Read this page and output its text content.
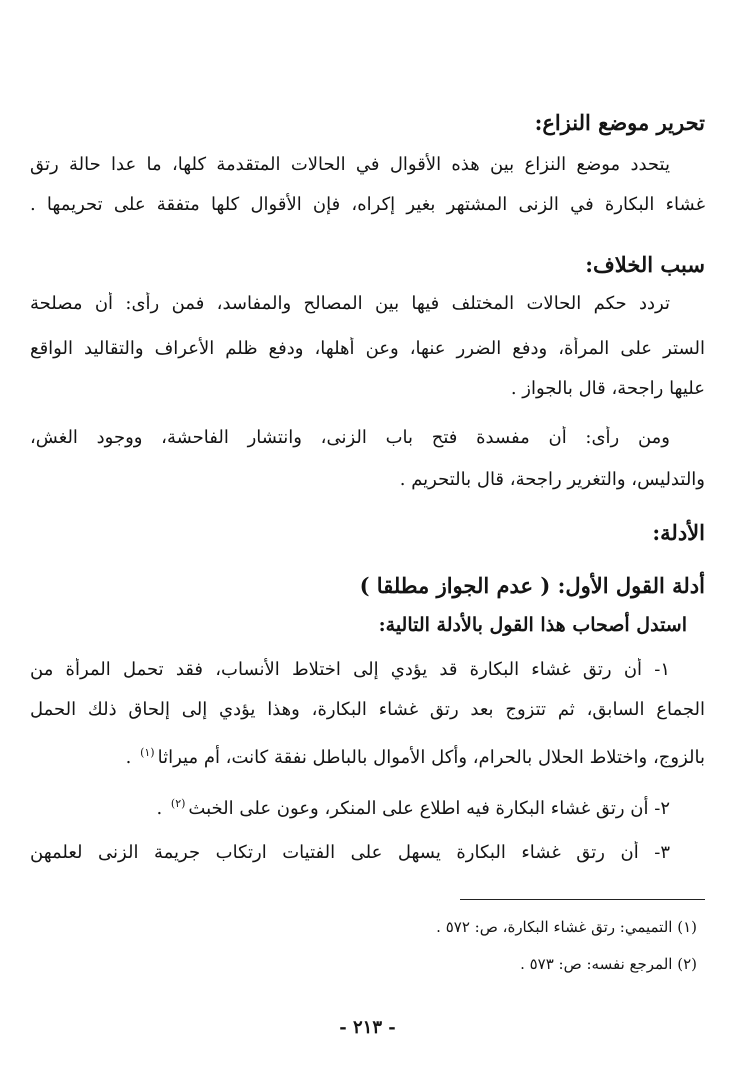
تحرير موضع النزاع:
يتحدد موضع النزاع بين هذه الأقوال في الحالات المتقدمة كلها، ما عدا حالة رتق
غشاء البكارة في الزنى المشتهر بغير إكراه، فإن الأقوال كلها متفقة على تحريمها .
سبب الخلاف:
تردد حكم الحالات المختلف فيها بين المصالح والمفاسد، فمن رأى: أن مصلحة
الستر على المرأة، ودفع الضرر عنها، وعن أهلها، ودفع ظلم الأعراف والتقاليد الواقع
عليها راجحة، قال بالجواز .
ومن رأى: أن مفسدة فتح باب الزنى، وانتشار الفاحشة، ووجود الغش،
والتدليس، والتغرير راجحة، قال بالتحريم .
الأدلة:
أدلة القول الأول: ( عدم الجواز مطلقا )
استدل أصحاب هذا القول بالأدلة التالية:
١- أن رتق غشاء البكارة قد يؤدي إلى اختلاط الأنساب، فقد تحمل المرأة من
الجماع السابق، ثم تتزوج بعد رتق غشاء البكارة، وهذا يؤدي إلى إلحاق ذلك الحمل
بالزوج، واختلاط الحلال بالحرام، وأكل الأموال بالباطل نفقة كانت، أم ميراثا$^{(١)}$ .
٢- أن رتق غشاء البكارة فيه اطلاع على المنكر، وعون على الخبث$^{(٢)}$ .
٣- أن رتق غشاء البكارة يسهل على الفتيات ارتكاب جريمة الزنى لعلمهن
(١) التميمي: رتق غشاء البكارة، ص: ٥٧٢ .
(٢) المرجع نفسه: ص: ٥٧٣ .
- ٢١٣ -
